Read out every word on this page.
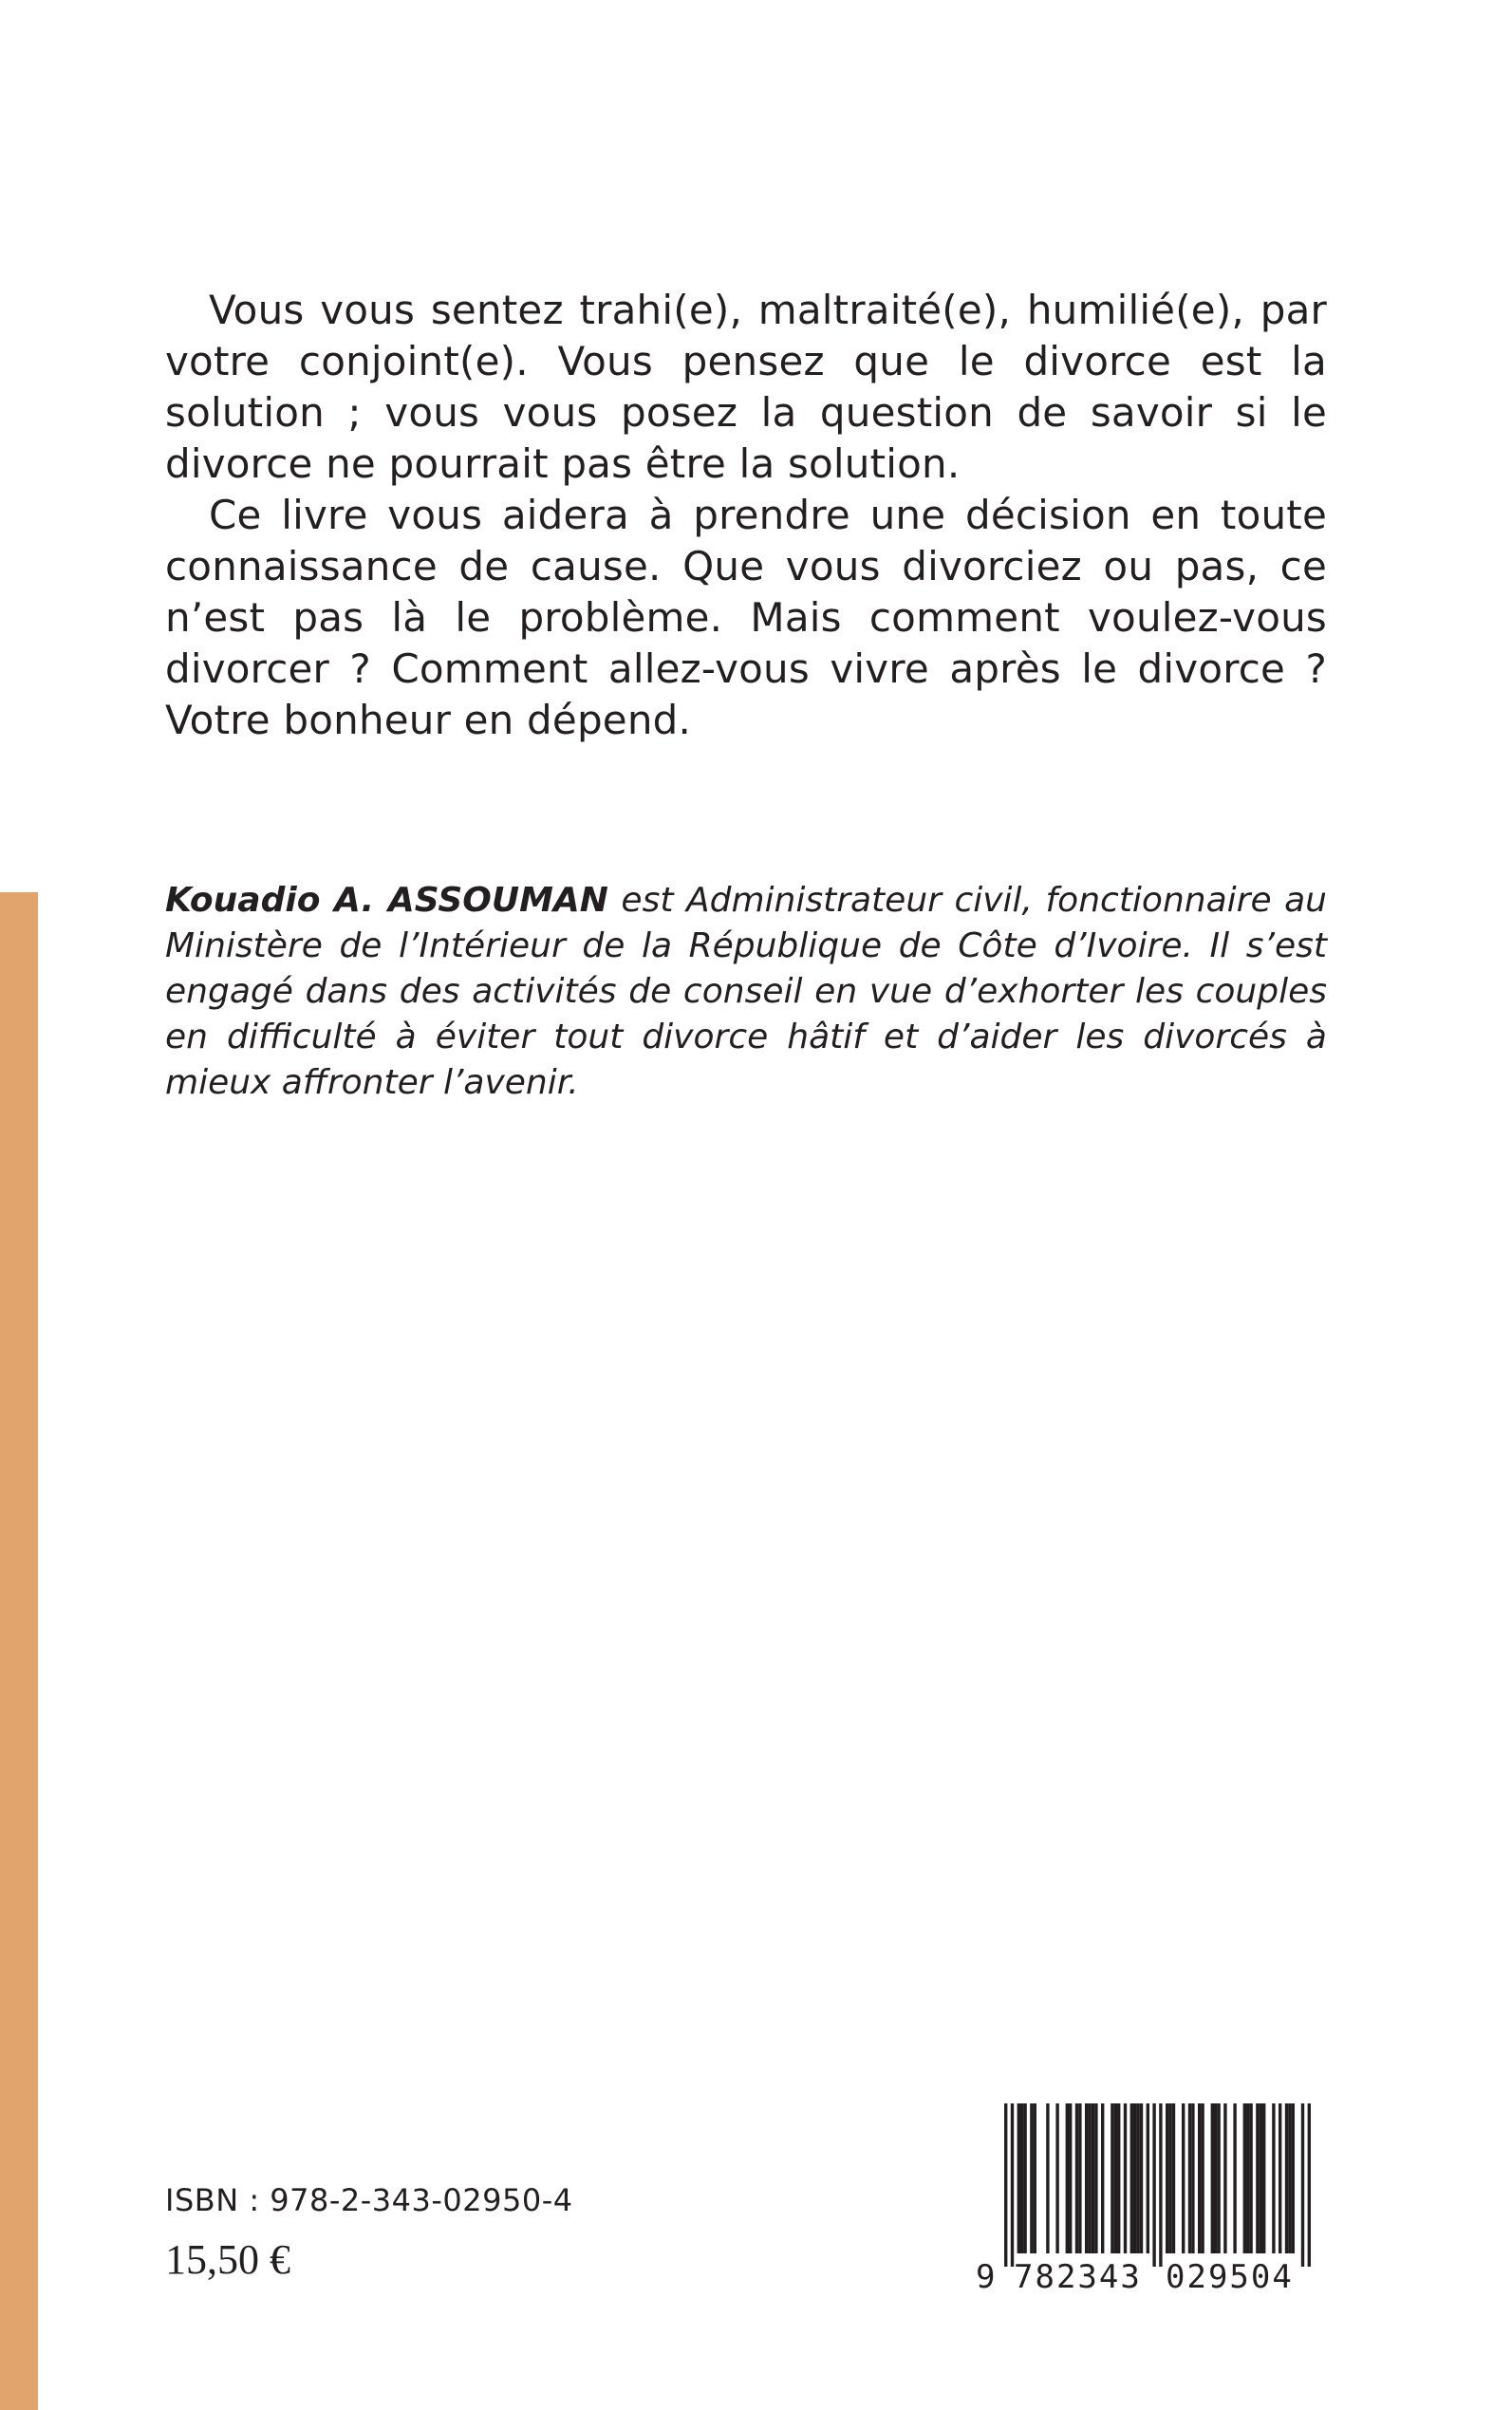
Vous vous sentez trahi(e), maltraité(e), humilié(e), par votre conjoint(e). Vous pensez que le divorce est la solution ; vous vous posez la question de savoir si le divorce ne pourrait pas être la solution.

Ce livre vous aidera à prendre une décision en toute connaissance de cause. Que vous divorciez ou pas, ce n’est pas là le problème. Mais comment voulez-vous divorcer ? Comment allez-vous vivre après le divorce ? Votre bonheur en dépend.

Kouadio A. ASSOUMAN est Administrateur civil, fonctionnaire au Ministère de l’Intérieur de la République de Côte d’Ivoire. Il s’est engagé dans des activités de conseil en vue d’exhorter les couples en difficulté à éviter tout divorce hâtif et d’aider les divorcés à mieux affronter l’avenir.
ISBN : 978-2-343-02950-4
15,50 €	9 782343 029504
